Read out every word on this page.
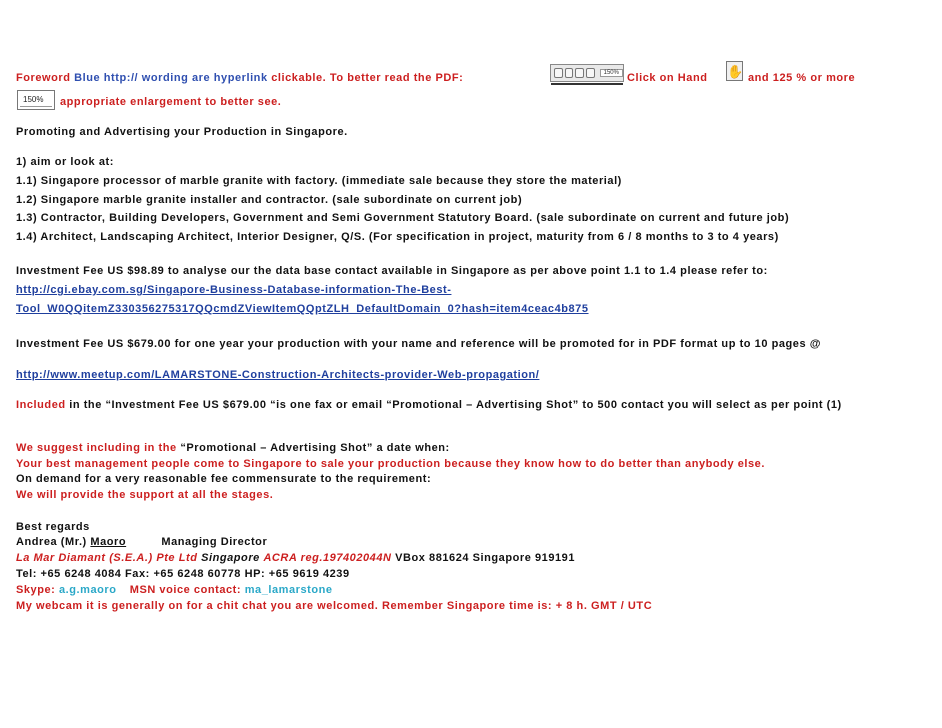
Foreword Blue http:// wording are hyperlink clickable. To better read the PDF:	150% Click on Hand ✋ and 125 % or more
150%	appropriate enlargement to better see.
Promoting and Advertising your Production in Singapore.
1) aim or look at:
1.1) Singapore processor of marble granite with factory. (immediate sale because they store the material)
1.2) Singapore marble granite installer and contractor. (sale subordinate on current job)
1.3) Contractor, Building Developers, Government and Semi Government Statutory Board. (sale subordinate on current and future job)
1.4) Architect, Landscaping Architect, Interior Designer, Q/S. (For specification in project, maturity from 6 / 8 months to 3 to 4 years)
Investment Fee US $98.89 to analyse our the data base contact available in Singapore as per above point 1.1 to 1.4 please refer to:
http://cgi.ebay.com.sg/Singapore-Business-Database-information-The-Best-
Tool_W0QQitemZ330356275317QQcmdZViewItemQQptZLH_DefaultDomain_0?hash=item4ceac4b875
Investment Fee US $679.00 for one year your production with your name and reference will be promoted for in PDF format up to 10 pages @
http://www.meetup.com/LAMARSTONE-Construction-Architects-provider-Web-propagation/
Included in the “Investment Fee US $679.00 “is one fax or email “Promotional – Advertising Shot” to 500 contact you will select as per point (1)
We suggest including in the “Promotional – Advertising Shot” a date when:
Your best management people come to Singapore to sale your production because they know how to do better than anybody else.
On demand for a very reasonable fee commensurate to the requirement:
We will provide the support at all the stages.
Best regards
Andrea (Mr.) Maoro	Managing Director
La Mar Diamant (S.E.A.) Pte Ltd Singapore ACRA reg.197402044N VBox 881624 Singapore 919191
Tel: +65 6248 4084 Fax: +65 6248 60778 HP: +65 9619 4239
Skype: a.g.maoro MSN voice contact: ma_lamarstone
My webcam it is generally on for a chit chat you are welcomed. Remember Singapore time is: + 8 h. GMT / UTC
